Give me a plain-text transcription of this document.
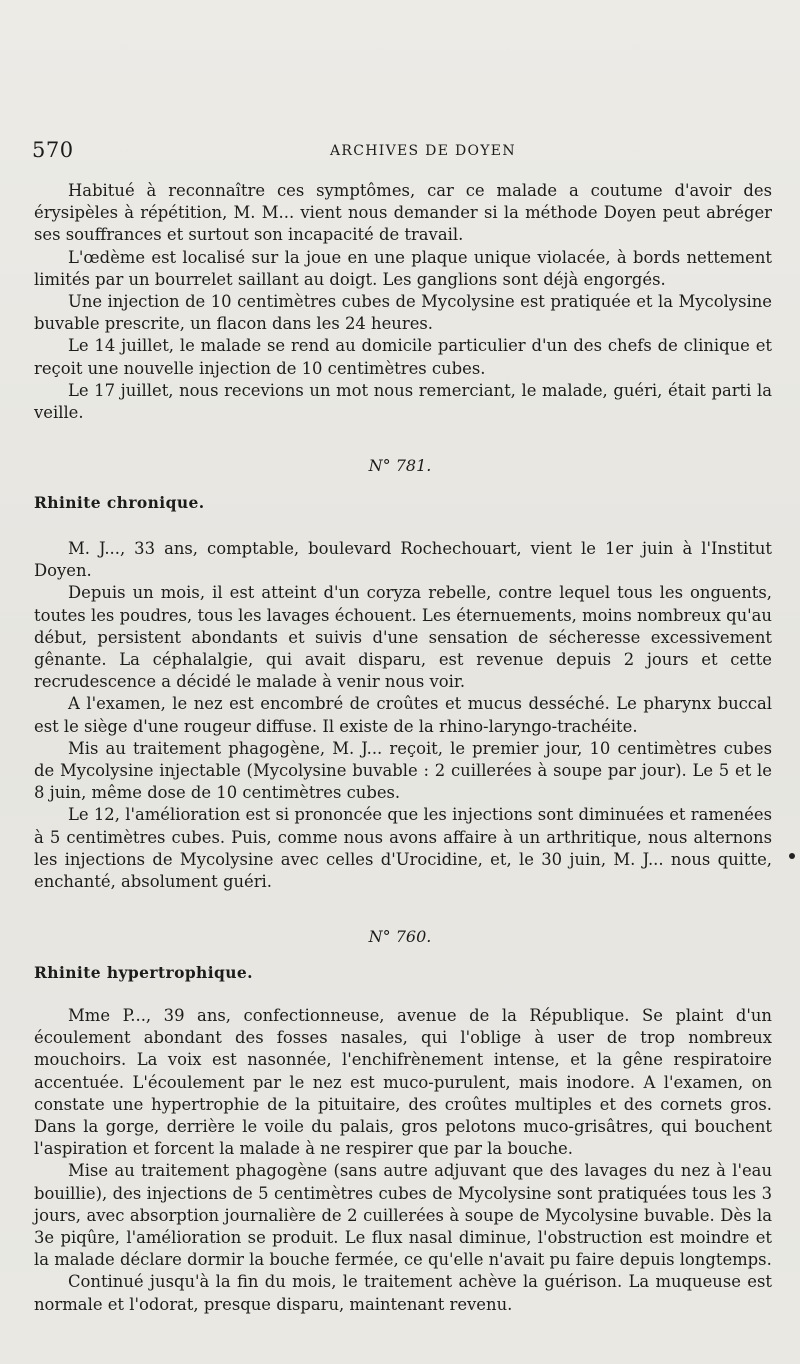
570	ARCHIVES DE DOYEN

Habitué à reconnaître ces symptômes, car ce malade a coutume d'avoir des érysipèles à répétition, M. M... vient nous demander si la méthode Doyen peut abréger ses souffrances et surtout son incapacité de travail.

L'œdème est localisé sur la joue en une plaque unique violacée, à bords nettement limités par un bourrelet saillant au doigt. Les ganglions sont déjà engorgés.

Une injection de 10 centimètres cubes de Mycolysine est pratiquée et la Mycolysine buvable prescrite, un flacon dans les 24 heures.

Le 14 juillet, le malade se rend au domicile particulier d'un des chefs de clinique et reçoit une nouvelle injection de 10 centimètres cubes.

Le 17 juillet, nous recevions un mot nous remerciant, le malade, guéri, était parti la veille.

N° 781.
Rhinite chronique.

M. J..., 33 ans, comptable, boulevard Rochechouart, vient le 1er juin à l'Institut Doyen.

Depuis un mois, il est atteint d'un coryza rebelle, contre lequel tous les onguents, toutes les poudres, tous les lavages échouent. Les éternuements, moins nombreux qu'au début, persistent abondants et suivis d'une sensation de sécheresse excessivement gênante. La céphalalgie, qui avait disparu, est revenue depuis 2 jours et cette recrudescence a décidé le malade à venir nous voir.

A l'examen, le nez est encombré de croûtes et mucus desséché. Le pharynx buccal est le siège d'une rougeur diffuse. Il existe de la rhino-laryngo-trachéite.

Mis au traitement phagogène, M. J... reçoit, le premier jour, 10 centimètres cubes de Mycolysine injectable (Mycolysine buvable : 2 cuillerées à soupe par jour). Le 5 et le 8 juin, même dose de 10 centimètres cubes.

Le 12, l'amélioration est si prononcée que les injections sont diminuées et ramenées à 5 centimètres cubes. Puis, comme nous avons affaire à un arthritique, nous alternons les injections de Mycolysine avec celles d'Urocidine, et, le 30 juin, M. J... nous quitte, enchanté, absolument guéri.

N° 760.
Rhinite hypertrophique.

Mme P..., 39 ans, confectionneuse, avenue de la République. Se plaint d'un écoulement abondant des fosses nasales, qui l'oblige à user de trop nombreux mouchoirs. La voix est nasonnée, l'enchifrènement intense, et la gêne respiratoire accentuée. L'écoulement par le nez est muco-purulent, mais inodore. A l'examen, on constate une hypertrophie de la pituitaire, des croûtes multiples et des cornets gros. Dans la gorge, derrière le voile du palais, gros pelotons muco-grisâtres, qui bouchent l'aspiration et forcent la malade à ne respirer que par la bouche.

Mise au traitement phagogène (sans autre adjuvant que des lavages du nez à l'eau bouillie), des injections de 5 centimètres cubes de Mycolysine sont pratiquées tous les 3 jours, avec absorption journalière de 2 cuillerées à soupe de Mycolysine buvable. Dès la 3e piqûre, l'amélioration se produit. Le flux nasal diminue, l'obstruction est moindre et la malade déclare dormir la bouche fermée, ce qu'elle n'avait pu faire depuis longtemps.

Continué jusqu'à la fin du mois, le traitement achève la guérison. La muqueuse est normale et l'odorat, presque disparu, maintenant revenu.
